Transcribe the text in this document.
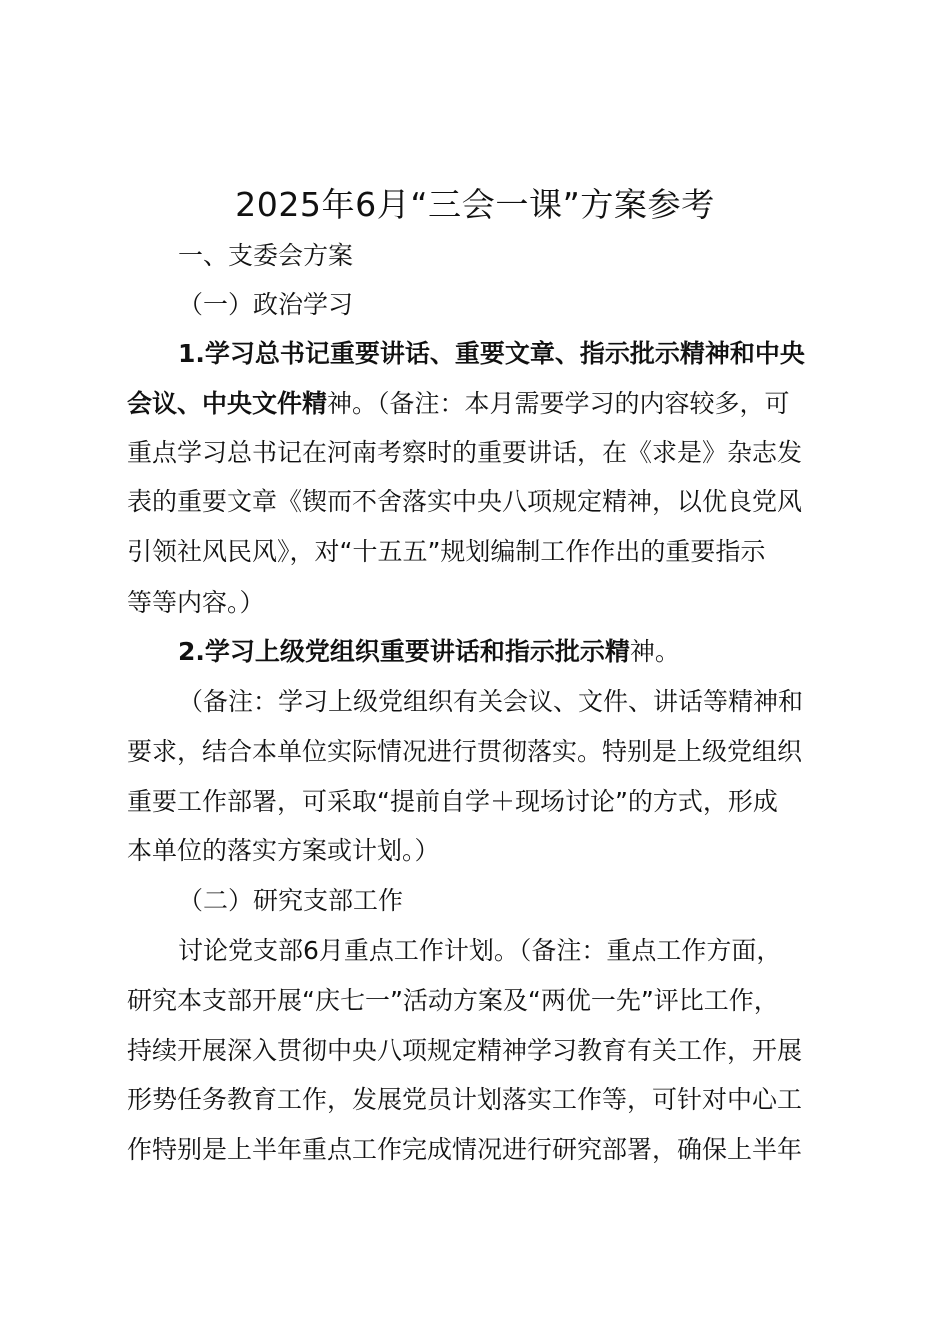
2025年6月“三会一课”方案参考
一、支委会方案
（一）政治学习
1.学习总书记重要讲话、重要文章、指示批示精神和中央
会议、中央文件精神。（备注：本月需要学习的内容较多，可
重点学习总书记在河南考察时的重要讲话，在《求是》杂志发
表的重要文章《锲而不舍落实中央八项规定精神，以优良党风
引领社风民风》，对“十五五”规划编制工作作出的重要指示
等等内容。）
2.学习上级党组织重要讲话和指示批示精神。
（备注：学习上级党组织有关会议、文件、讲话等精神和
要求，结合本单位实际情况进行贯彻落实。特别是上级党组织
重要工作部署，可采取“提前自学＋现场讨论”的方式，形成
本单位的落实方案或计划。）
（二）研究支部工作
讨论党支部6月重点工作计划。（备注：重点工作方面，
研究本支部开展“庆七一”活动方案及“两优一先”评比工作，
持续开展深入贯彻中央八项规定精神学习教育有关工作，开展
形势任务教育工作，发展党员计划落实工作等，可针对中心工
作特别是上半年重点工作完成情况进行研究部署，确保上半年
